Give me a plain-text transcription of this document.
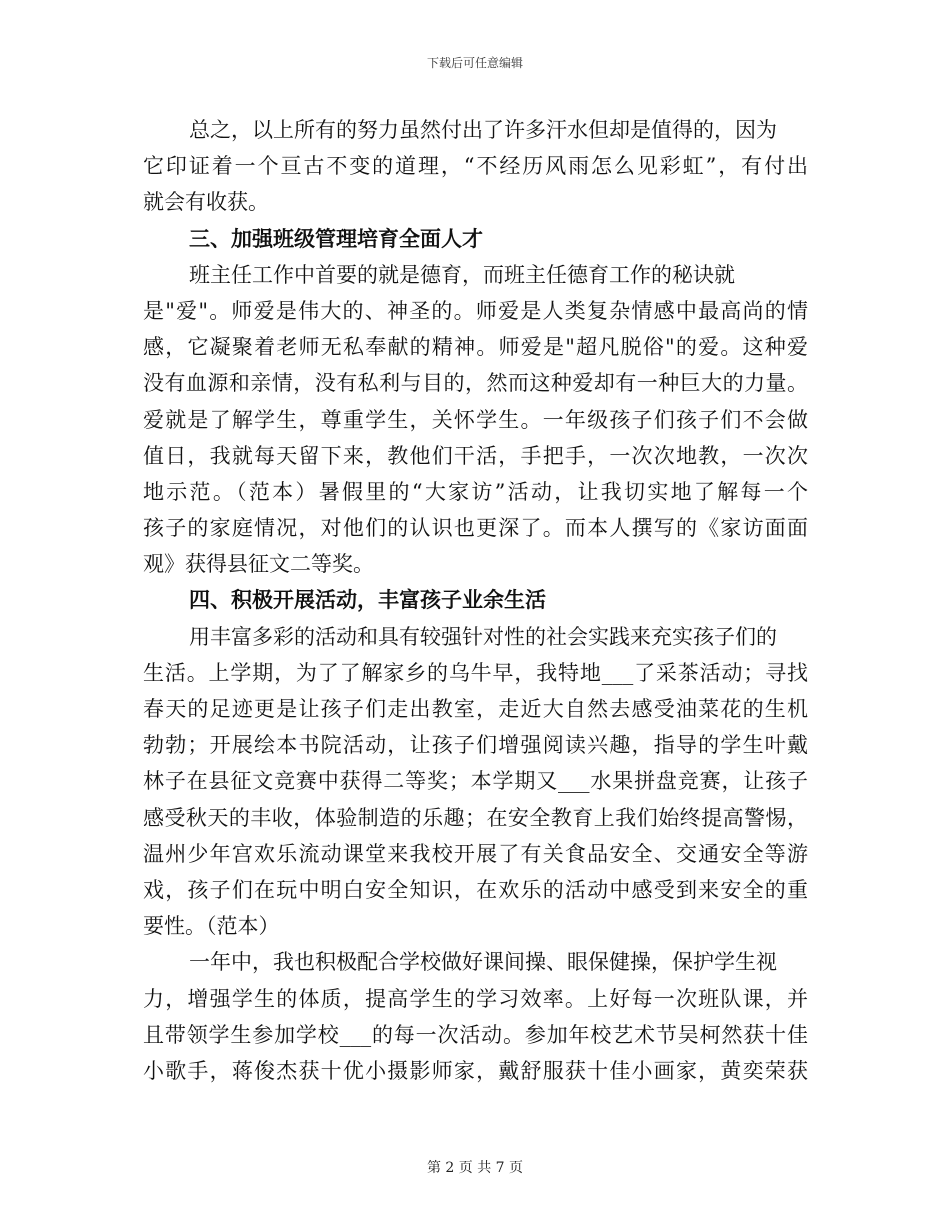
下载后可任意编辑
总之，以上所有的努力虽然付出了许多汗水但却是值得的，因为
它印证着一个亘古不变的道理，“不经历风雨怎么见彩虹”，有付出
就会有收获。
三、加强班级管理培育全面人才
班主任工作中首要的就是德育，而班主任德育工作的秘诀就
是"爱"。师爱是伟大的、神圣的。师爱是人类复杂情感中最高尚的情
感，它凝聚着老师无私奉献的精神。师爱是"超凡脱俗"的爱。这种爱
没有血源和亲情，没有私利与目的，然而这种爱却有一种巨大的力量。
爱就是了解学生，尊重学生，关怀学生。一年级孩子们孩子们不会做
值日，我就每天留下来，教他们干活，手把手，一次次地教，一次次
地示范。（范本）暑假里的“大家访”活动，让我切实地了解每一个
孩子的家庭情况，对他们的认识也更深了。而本人撰写的《家访面面
观》获得县征文二等奖。
四、积极开展活动，丰富孩子业余生活
用丰富多彩的活动和具有较强针对性的社会实践来充实孩子们的
生活。上学期，为了了解家乡的乌牛早，我特地___了采茶活动；寻找
春天的足迹更是让孩子们走出教室，走近大自然去感受油菜花的生机
勃勃；开展绘本书院活动，让孩子们增强阅读兴趣，指导的学生叶戴
林子在县征文竞赛中获得二等奖；本学期又___水果拼盘竞赛，让孩子
感受秋天的丰收，体验制造的乐趣；在安全教育上我们始终提高警惕，
温州少年宫欢乐流动课堂来我校开展了有关食品安全、交通安全等游
戏，孩子们在玩中明白安全知识，在欢乐的活动中感受到来安全的重
要性。（范本）
一年中，我也积极配合学校做好课间操、眼保健操，保护学生视
力，增强学生的体质，提高学生的学习效率。上好每一次班队课，并
且带领学生参加学校___的每一次活动。参加年校艺术节吴柯然获十佳
小歌手，蒋俊杰获十优小摄影师家，戴舒服获十佳小画家，黄奕荣获
第 2 页 共 7 页
